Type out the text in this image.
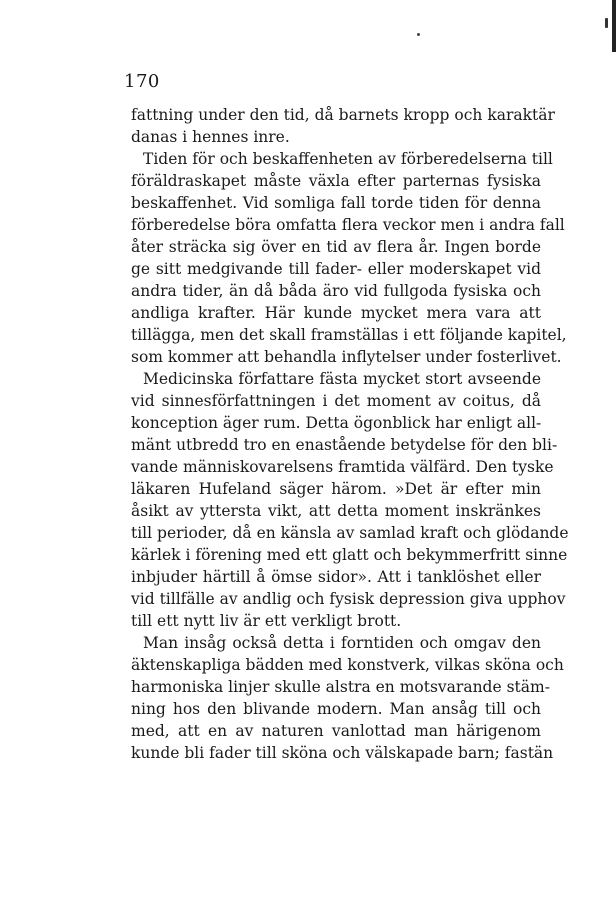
170
fattning under den tid, då barnets kropp och karaktär
danas i hennes inre.
Tiden för och beskaffenheten av förberedelserna till
föräldraskapet måste växla efter parternas fysiska
beskaffenhet. Vid somliga fall torde tiden för denna
förberedelse böra omfatta flera veckor men i andra fall
åter sträcka sig över en tid av flera år. Ingen borde
ge sitt medgivande till fader- eller moderskapet vid
andra tider, än då båda äro vid fullgoda fysiska och
andliga krafter. Här kunde mycket mera vara att
tillägga, men det skall framställas i ett följande kapitel,
som kommer att behandla inflytelser under fosterlivet.
Medicinska författare fästa mycket stort avseende
vid sinnesförfattningen i det moment av coitus, då
konception äger rum. Detta ögonblick har enligt all-
mänt utbredd tro en enastående betydelse för den bli-
vande människovarelsens framtida välfärd. Den tyske
läkaren Hufeland säger härom. »Det är efter min
åsikt av yttersta vikt, att detta moment inskränkes
till perioder, då en känsla av samlad kraft och glödande
kärlek i förening med ett glatt och bekymmerfritt sinne
inbjuder härtill å ömse sidor». Att i tanklöshet eller
vid tillfälle av andlig och fysisk depression giva upphov
till ett nytt liv är ett verkligt brott.
Man insåg också detta i forntiden och omgav den
äktenskapliga bädden med konstverk, vilkas sköna och
harmoniska linjer skulle alstra en motsvarande stäm-
ning hos den blivande modern. Man ansåg till och
med, att en av naturen vanlottad man härigenom
kunde bli fader till sköna och välskapade barn; fastän
